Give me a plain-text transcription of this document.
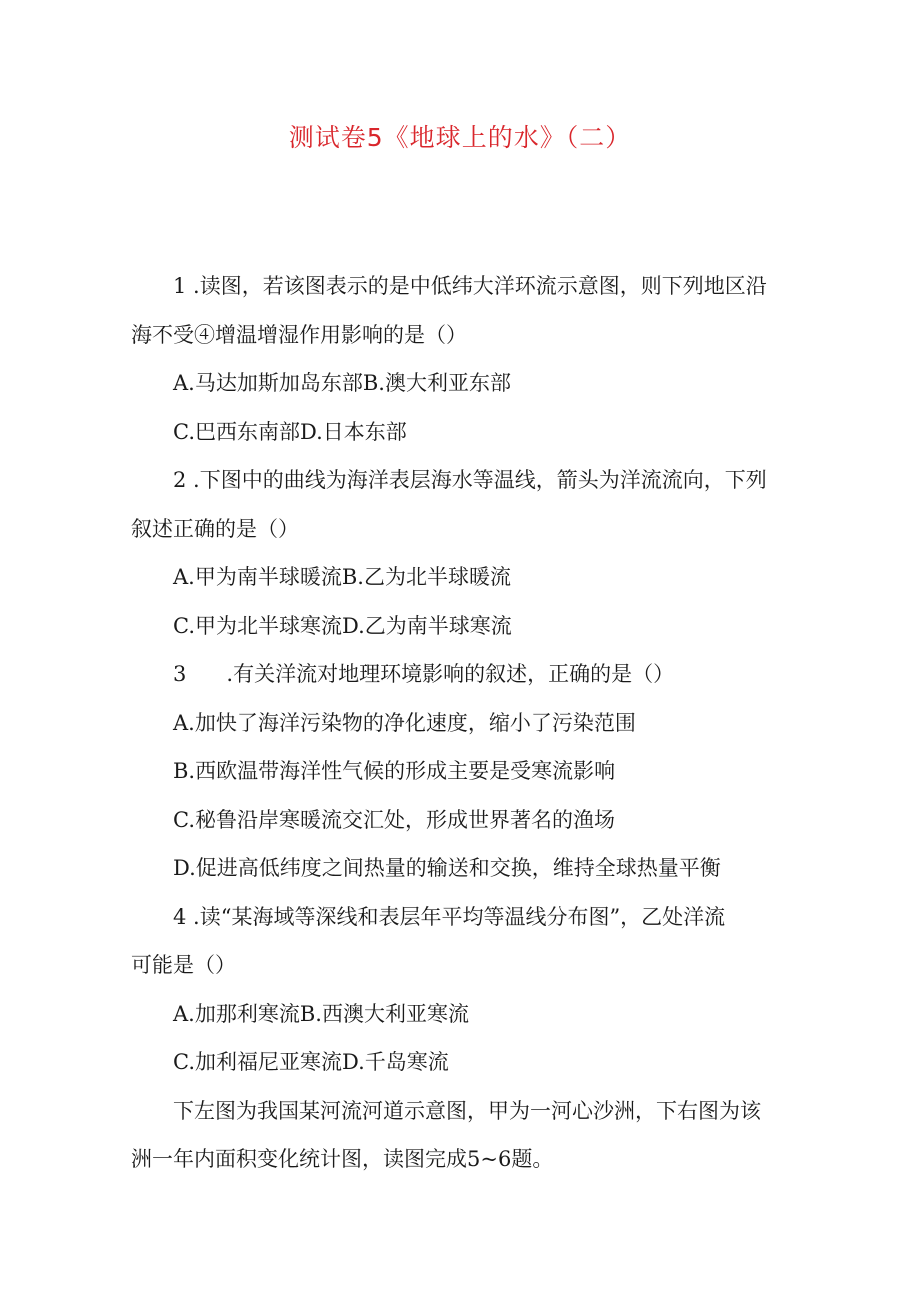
测试卷5《地球上的水》（二）
1 .读图，若该图表示的是中低纬大洋环流示意图，则下列地区沿
海不受④增温增湿作用影响的是（）
A.马达加斯加岛东部B.澳大利亚东部
C.巴西东南部D.日本东部
2 .下图中的曲线为海洋表层海水等温线，箭头为洋流流向，下列
叙述正确的是（）
A.甲为南半球暖流B.乙为北半球暖流
C.甲为北半球寒流D.乙为南半球寒流
3      .有关洋流对地理环境影响的叙述，正确的是（）
A.加快了海洋污染物的净化速度，缩小了污染范围
B.西欧温带海洋性气候的形成主要是受寒流影响
C.秘鲁沿岸寒暖流交汇处，形成世界著名的渔场
D.促进高低纬度之间热量的输送和交换，维持全球热量平衡
4 .读“某海域等深线和表层年平均等温线分布图”，乙处洋流
可能是（）
A.加那利寒流B.西澳大利亚寒流
C.加利福尼亚寒流D.千岛寒流
下左图为我国某河流河道示意图，甲为一河心沙洲，下右图为该
洲一年内面积变化统计图，读图完成5~6题。
